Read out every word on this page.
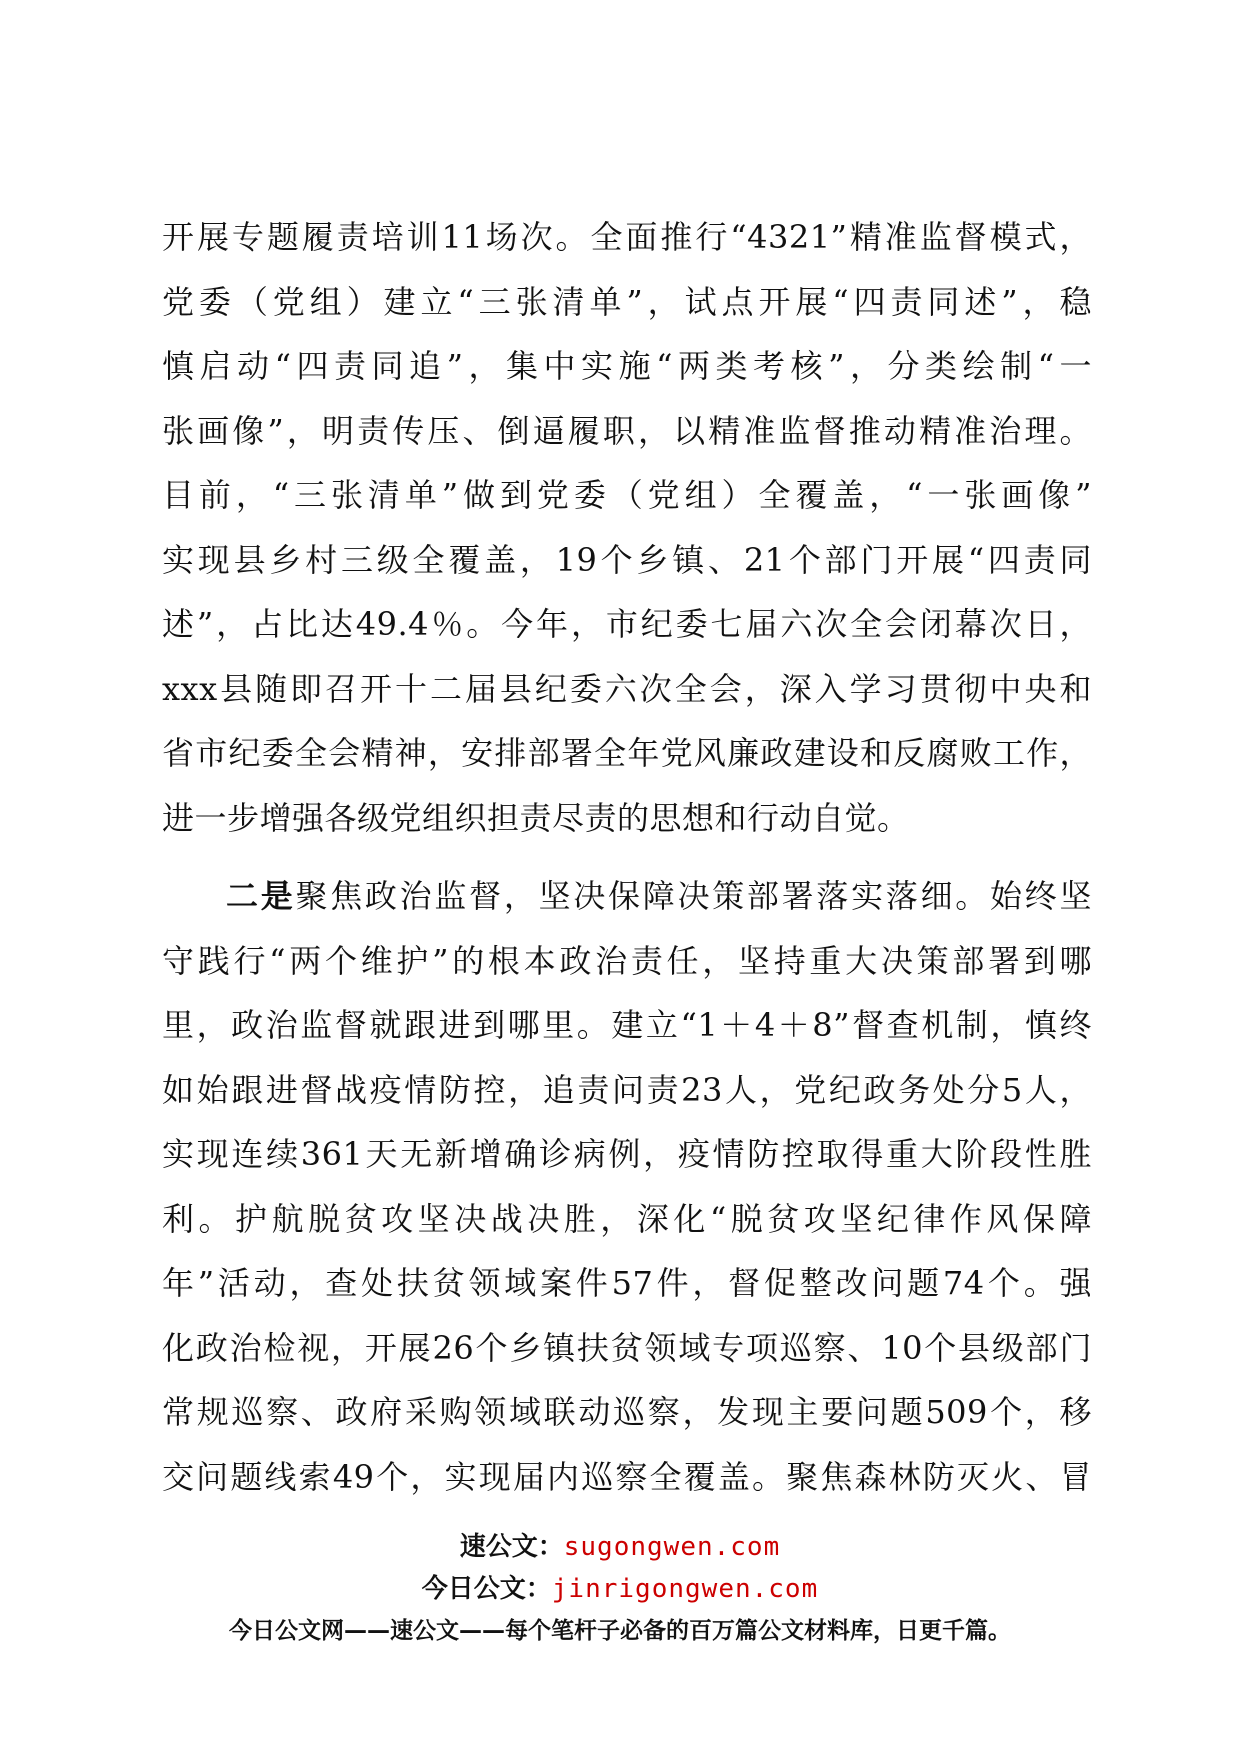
开展专题履责培训11场次。全面推行“4321”精准监督模式，
党委（党组）建立“三张清单”，试点开展“四责同述”，稳
慎启动“四责同追”，集中实施“两类考核”，分类绘制“一
张画像”，明责传压、倒逼履职，以精准监督推动精准治理。
目前，“三张清单”做到党委（党组）全覆盖，“一张画像”
实现县乡村三级全覆盖，19个乡镇、21个部门开展“四责同
述”，占比达49.4％。今年，市纪委七届六次全会闭幕次日，
xxx县随即召开十二届县纪委六次全会，深入学习贯彻中央和
省市纪委全会精神，安排部署全年党风廉政建设和反腐败工作，
进一步增强各级党组织担责尽责的思想和行动自觉。
二是聚焦政治监督，坚决保障决策部署落实落细。始终坚
守践行“两个维护”的根本政治责任，坚持重大决策部署到哪
里，政治监督就跟进到哪里。建立“1＋4＋8”督查机制，慎终
如始跟进督战疫情防控，追责问责23人，党纪政务处分5人，
实现连续361天无新增确诊病例，疫情防控取得重大阶段性胜
利。护航脱贫攻坚决战决胜，深化“脱贫攻坚纪律作风保障
年”活动，查处扶贫领域案件57件，督促整改问题74个。强
化政治检视，开展26个乡镇扶贫领域专项巡察、10个县级部门
常规巡察、政府采购领域联动巡察，发现主要问题509个，移
交问题线索49个，实现届内巡察全覆盖。聚焦森林防灭火、冒
速公文：sugongwen.com
今日公文：jinrigongwen.com
今日公文网——速公文——每个笔杆子必备的百万篇公文材料库，日更千篇。
